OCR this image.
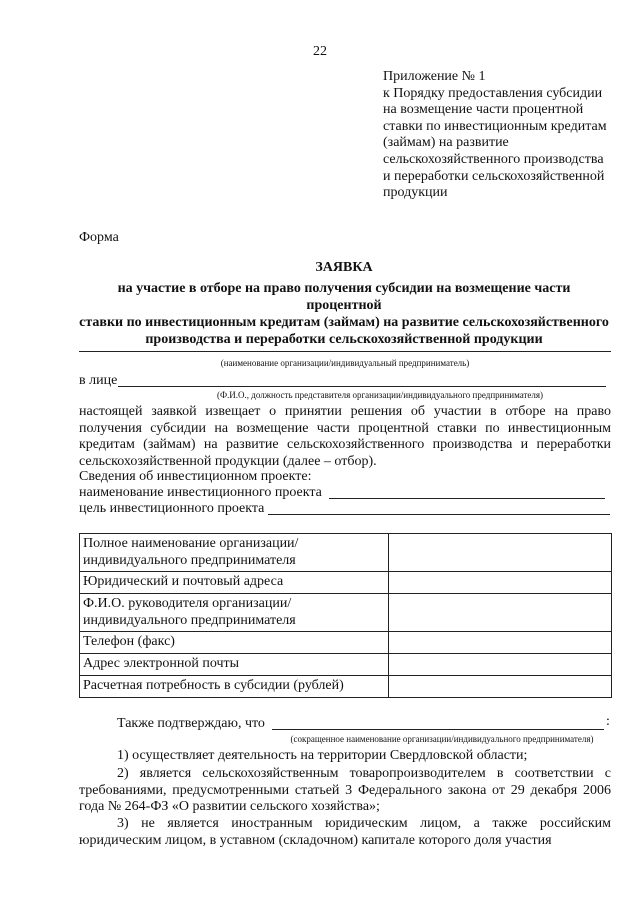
22
Приложение № 1
к Порядку предоставления субсидии
на возмещение части процентной
ставки по инвестиционным кредитам
(займам) на развитие
сельскохозяйственного производства
и переработки сельскохозяйственной
продукции
Форма
ЗАЯВКА
на участие в отборе на право получения субсидии на возмещение части процентной
ставки по инвестиционным кредитам (займам) на развитие сельскохозяйственного
производства и переработки сельскохозяйственной продукции
(наименование организации/индивидуальный предприниматель)
в лице
(Ф.И.О., должность представителя организации/индивидуального предпринимателя)
настоящей заявкой извещает о принятии решения об участии в отборе на право получения субсидии на возмещение части процентной ставки по инвестиционным кредитам (займам) на развитие сельскохозяйственного производства и переработки сельскохозяйственной продукции (далее – отбор).
Сведения об инвестиционном проекте:
наименование инвестиционного проекта
цель инвестиционного проекта
Полное наименование организации/ индивидуального предпринимателя	
Юридический и почтовый адреса	
Ф.И.О. руководителя организации/ индивидуального предпринимателя	
Телефон (факс)	
Адрес электронной почты	
Расчетная потребность в субсидии (рублей)	
Также подтверждаю, что	:
(сокращенное наименование организации/индивидуального предпринимателя)
1) осуществляет деятельность на территории Свердловской области;
2) является сельскохозяйственным товаропроизводителем в соответствии с требованиями, предусмотренными статьей 3 Федерального закона от 29 декабря 2006 года № 264-ФЗ «О развитии сельского хозяйства»;
3) не является иностранным юридическим лицом, а также российским юридическим лицом, в уставном (складочном) капитале которого доля участия
